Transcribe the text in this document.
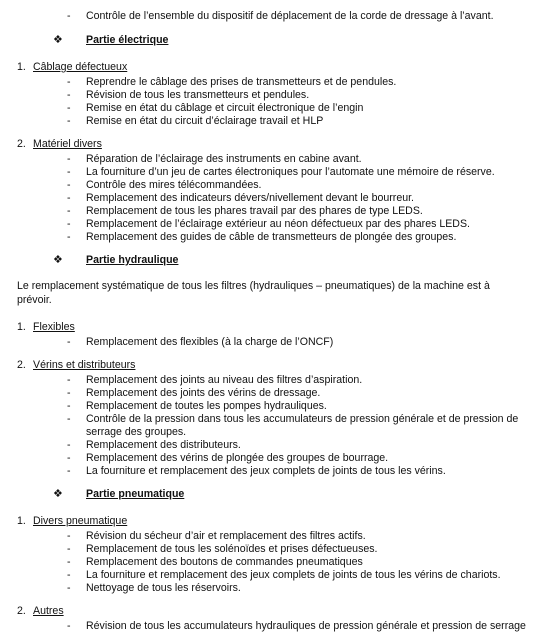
- Contrôle de l’ensemble du dispositif de déplacement de la corde de dressage à l’avant.
❖ Partie électrique
1. Câblage défectueux
- Reprendre le câblage des prises de transmetteurs et de pendules.
- Révision de tous les transmetteurs et pendules.
- Remise en état du câblage et circuit électronique de l’engin
- Remise en état du circuit d’éclairage travail et HLP
2. Matériel divers
- Réparation de l’éclairage des instruments en cabine avant.
- La fourniture d’un jeu de cartes électroniques pour l’automate une mémoire de réserve.
- Contrôle des mires télécommandées.
- Remplacement des indicateurs dévers/nivellement devant le bourreur.
- Remplacement de tous les phares travail par des phares de type LEDS.
- Remplacement de l’éclairage extérieur au néon défectueux par des phares LEDS.
- Remplacement des guides de câble de transmetteurs de plongée des groupes.
❖ Partie hydraulique
Le remplacement systématique de tous les filtres (hydrauliques – pneumatiques) de la machine est à
prévoir.
1. Flexibles
- Remplacement des flexibles (à la charge de l’ONCF)
2. Vérins et distributeurs
- Remplacement des joints au niveau des filtres d’aspiration.
- Remplacement des joints des vérins de dressage.
- Remplacement de toutes les pompes hydrauliques.
- Contrôle de la pression dans tous les accumulateurs de pression générale et de pression de
serrage des groupes.
- Remplacement des distributeurs.
- Remplacement des vérins de plongée des groupes de bourrage.
- La fourniture et remplacement des jeux complets de joints de tous les vérins.
❖ Partie pneumatique
1. Divers pneumatique
- Révision du sécheur d’air et remplacement des filtres actifs.
- Remplacement de tous les solénoïdes et prises défectueuses.
- Remplacement des boutons de commandes pneumatiques
- La fourniture et remplacement des jeux complets de joints de tous les vérins de chariots.
- Nettoyage de tous les réservoirs.
2. Autres
- Révision de tous les accumulateurs hydrauliques de pression générale et pression de serrage
